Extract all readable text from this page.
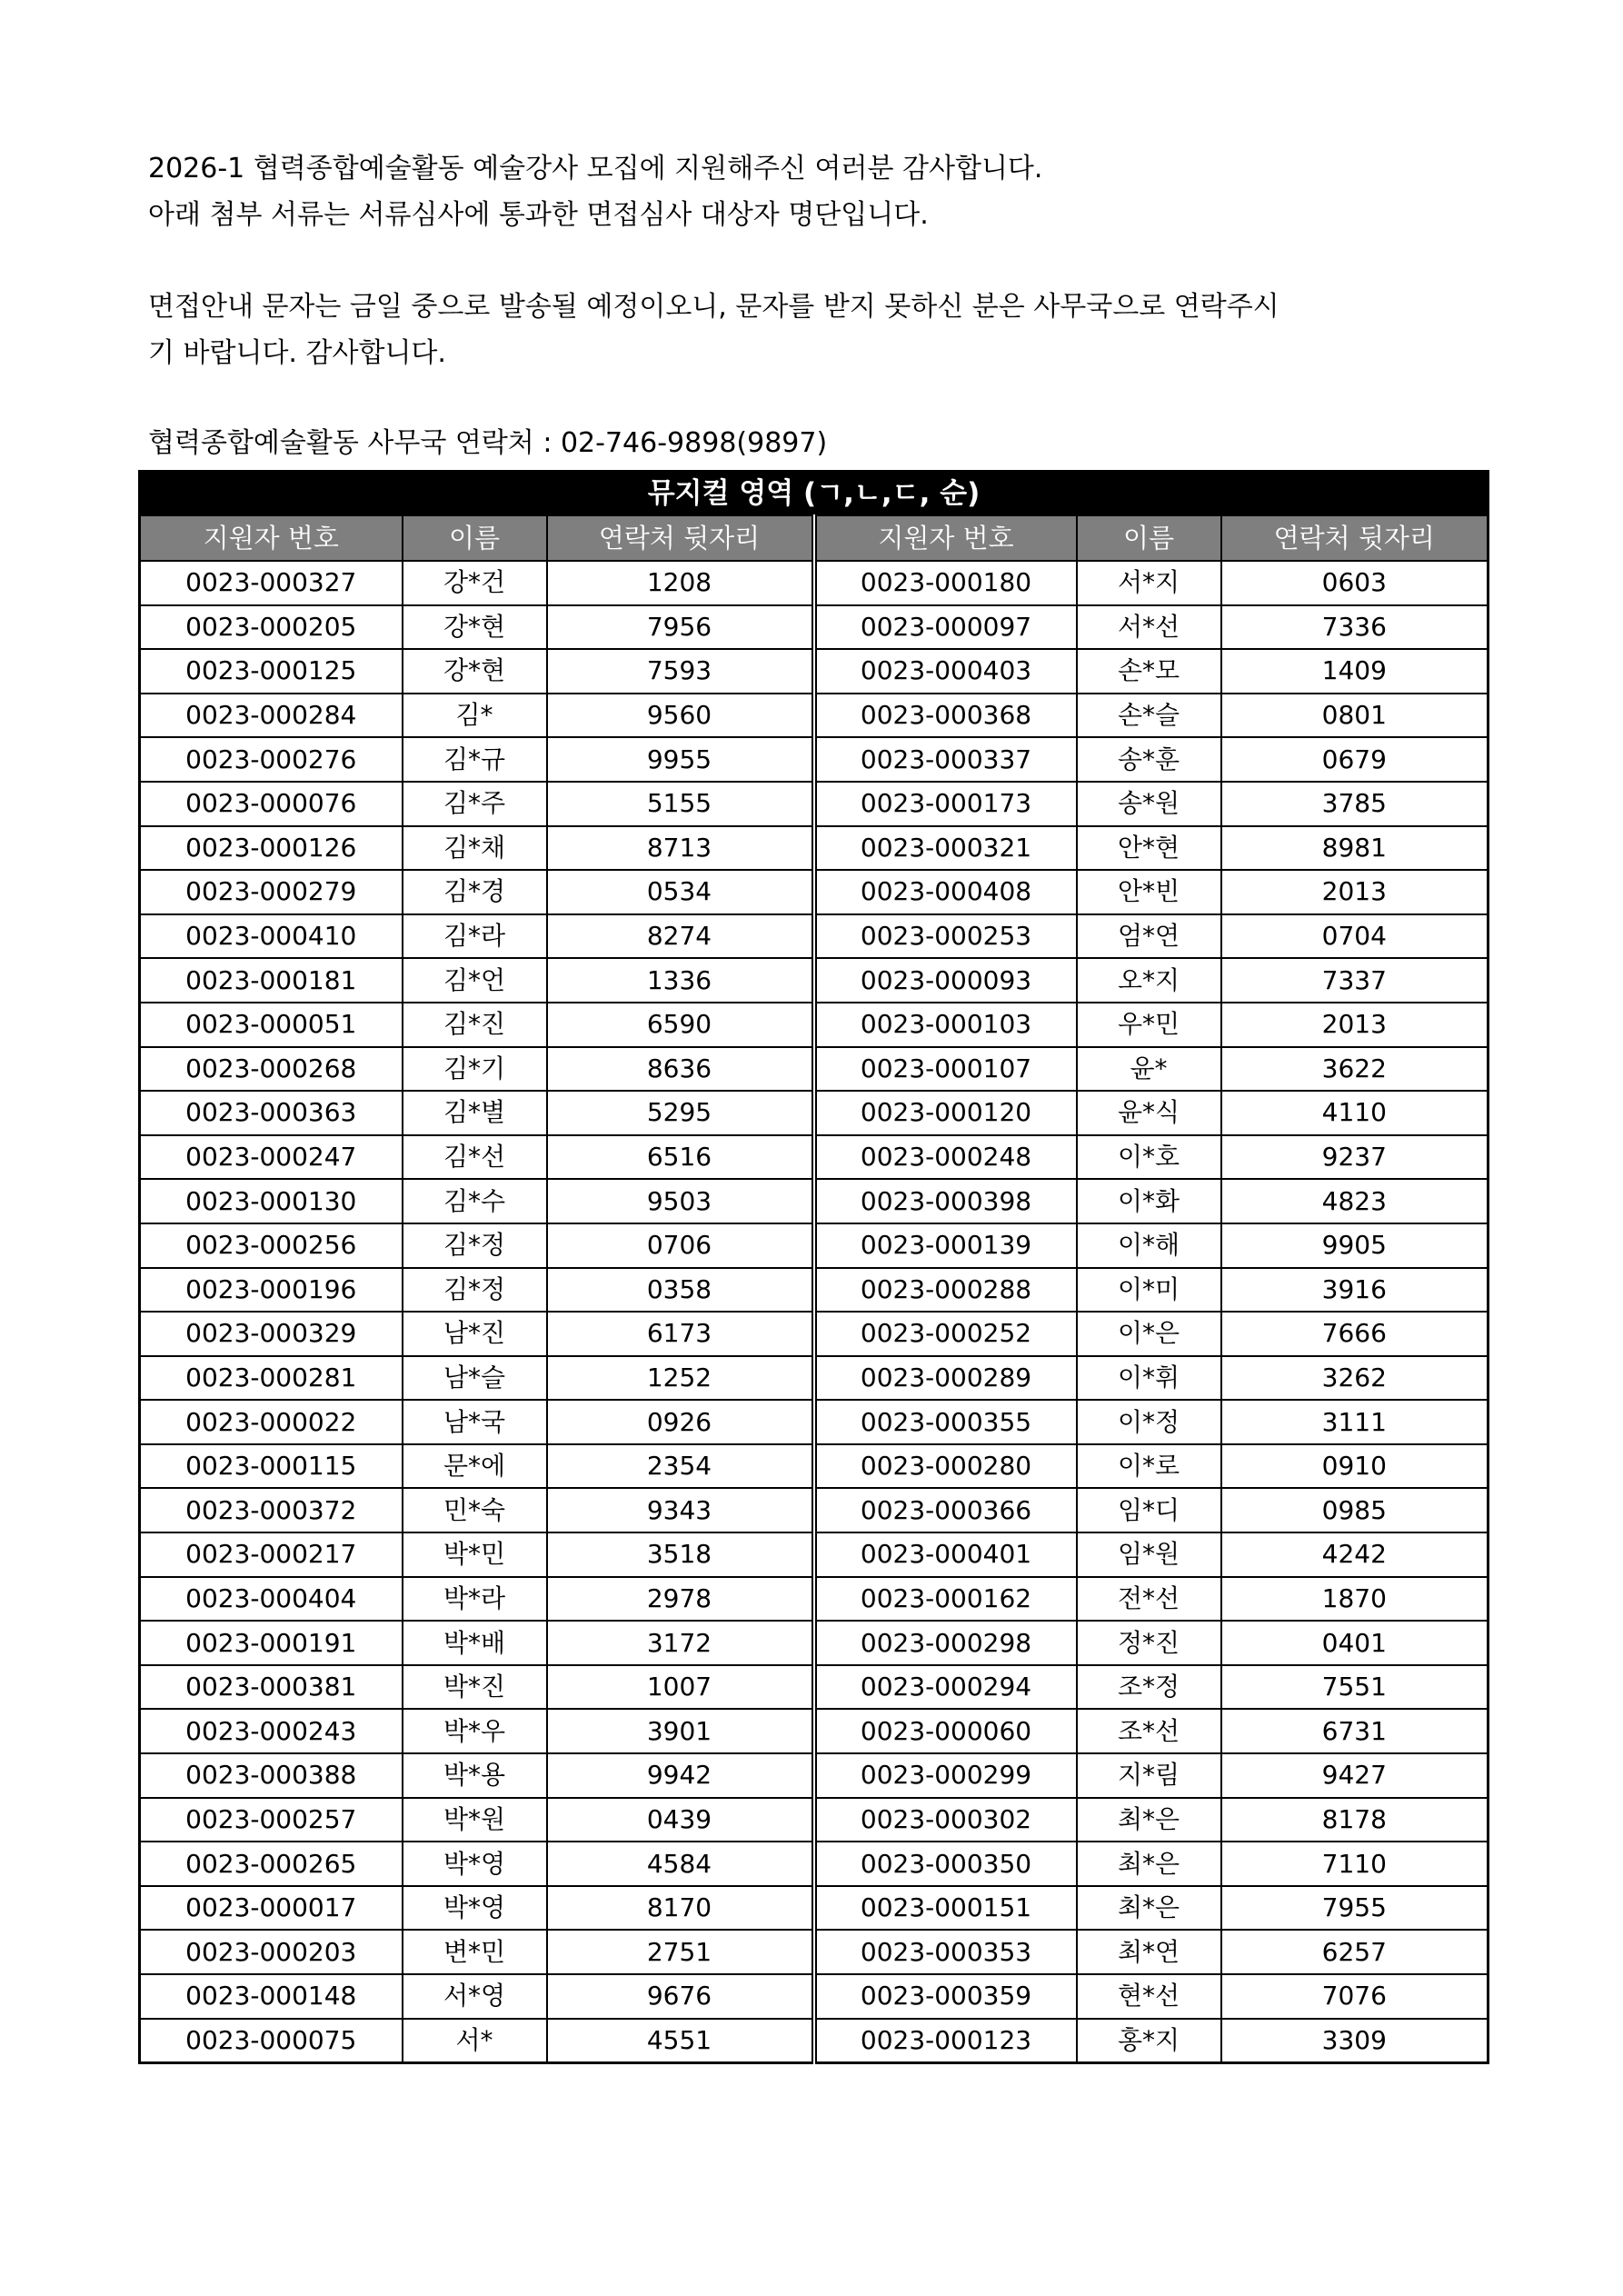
2026-1 협력종합예술활동 예술강사 모집에 지원해주신 여러분 감사합니다.

아래 첨부 서류는 서류심사에 통과한 면접심사 대상자 명단입니다.

면접안내 문자는 금일 중으로 발송될 예정이오니, 문자를 받지 못하신 분은 사무국으로 연락주시

기 바랍니다. 감사합니다.

협력종합예술활동 사무국 연락처 : 02-746-9898(9897)

뮤지컬 영역 (ㄱ,ㄴ,ㄷ, 순)					
지원자 번호	이름	연락처 뒷자리	지원자 번호	이름	연락처 뒷자리
0023-000327	강*건	1208	0023-000180	서*지	0603
0023-000205	강*현	7956	0023-000097	서*선	7336
0023-000125	강*현	7593	0023-000403	손*모	1409
0023-000284	김*	9560	0023-000368	손*슬	0801
0023-000276	김*규	9955	0023-000337	송*훈	0679
0023-000076	김*주	5155	0023-000173	송*원	3785
0023-000126	김*채	8713	0023-000321	안*현	8981
0023-000279	김*경	0534	0023-000408	안*빈	2013
0023-000410	김*라	8274	0023-000253	엄*연	0704
0023-000181	김*언	1336	0023-000093	오*지	7337
0023-000051	김*진	6590	0023-000103	우*민	2013
0023-000268	김*기	8636	0023-000107	윤*	3622
0023-000363	김*별	5295	0023-000120	윤*식	4110
0023-000247	김*선	6516	0023-000248	이*호	9237
0023-000130	김*수	9503	0023-000398	이*화	4823
0023-000256	김*정	0706	0023-000139	이*해	9905
0023-000196	김*정	0358	0023-000288	이*미	3916
0023-000329	남*진	6173	0023-000252	이*은	7666
0023-000281	남*슬	1252	0023-000289	이*휘	3262
0023-000022	남*국	0926	0023-000355	이*정	3111
0023-000115	문*에	2354	0023-000280	이*로	0910
0023-000372	민*숙	9343	0023-000366	임*디	0985
0023-000217	박*민	3518	0023-000401	임*원	4242
0023-000404	박*라	2978	0023-000162	전*선	1870
0023-000191	박*배	3172	0023-000298	정*진	0401
0023-000381	박*진	1007	0023-000294	조*정	7551
0023-000243	박*우	3901	0023-000060	조*선	6731
0023-000388	박*용	9942	0023-000299	지*림	9427
0023-000257	박*원	0439	0023-000302	최*은	8178
0023-000265	박*영	4584	0023-000350	최*은	7110
0023-000017	박*영	8170	0023-000151	최*은	7955
0023-000203	변*민	2751	0023-000353	최*연	6257
0023-000148	서*영	9676	0023-000359	현*선	7076
0023-000075	서*	4551	0023-000123	홍*지	3309
